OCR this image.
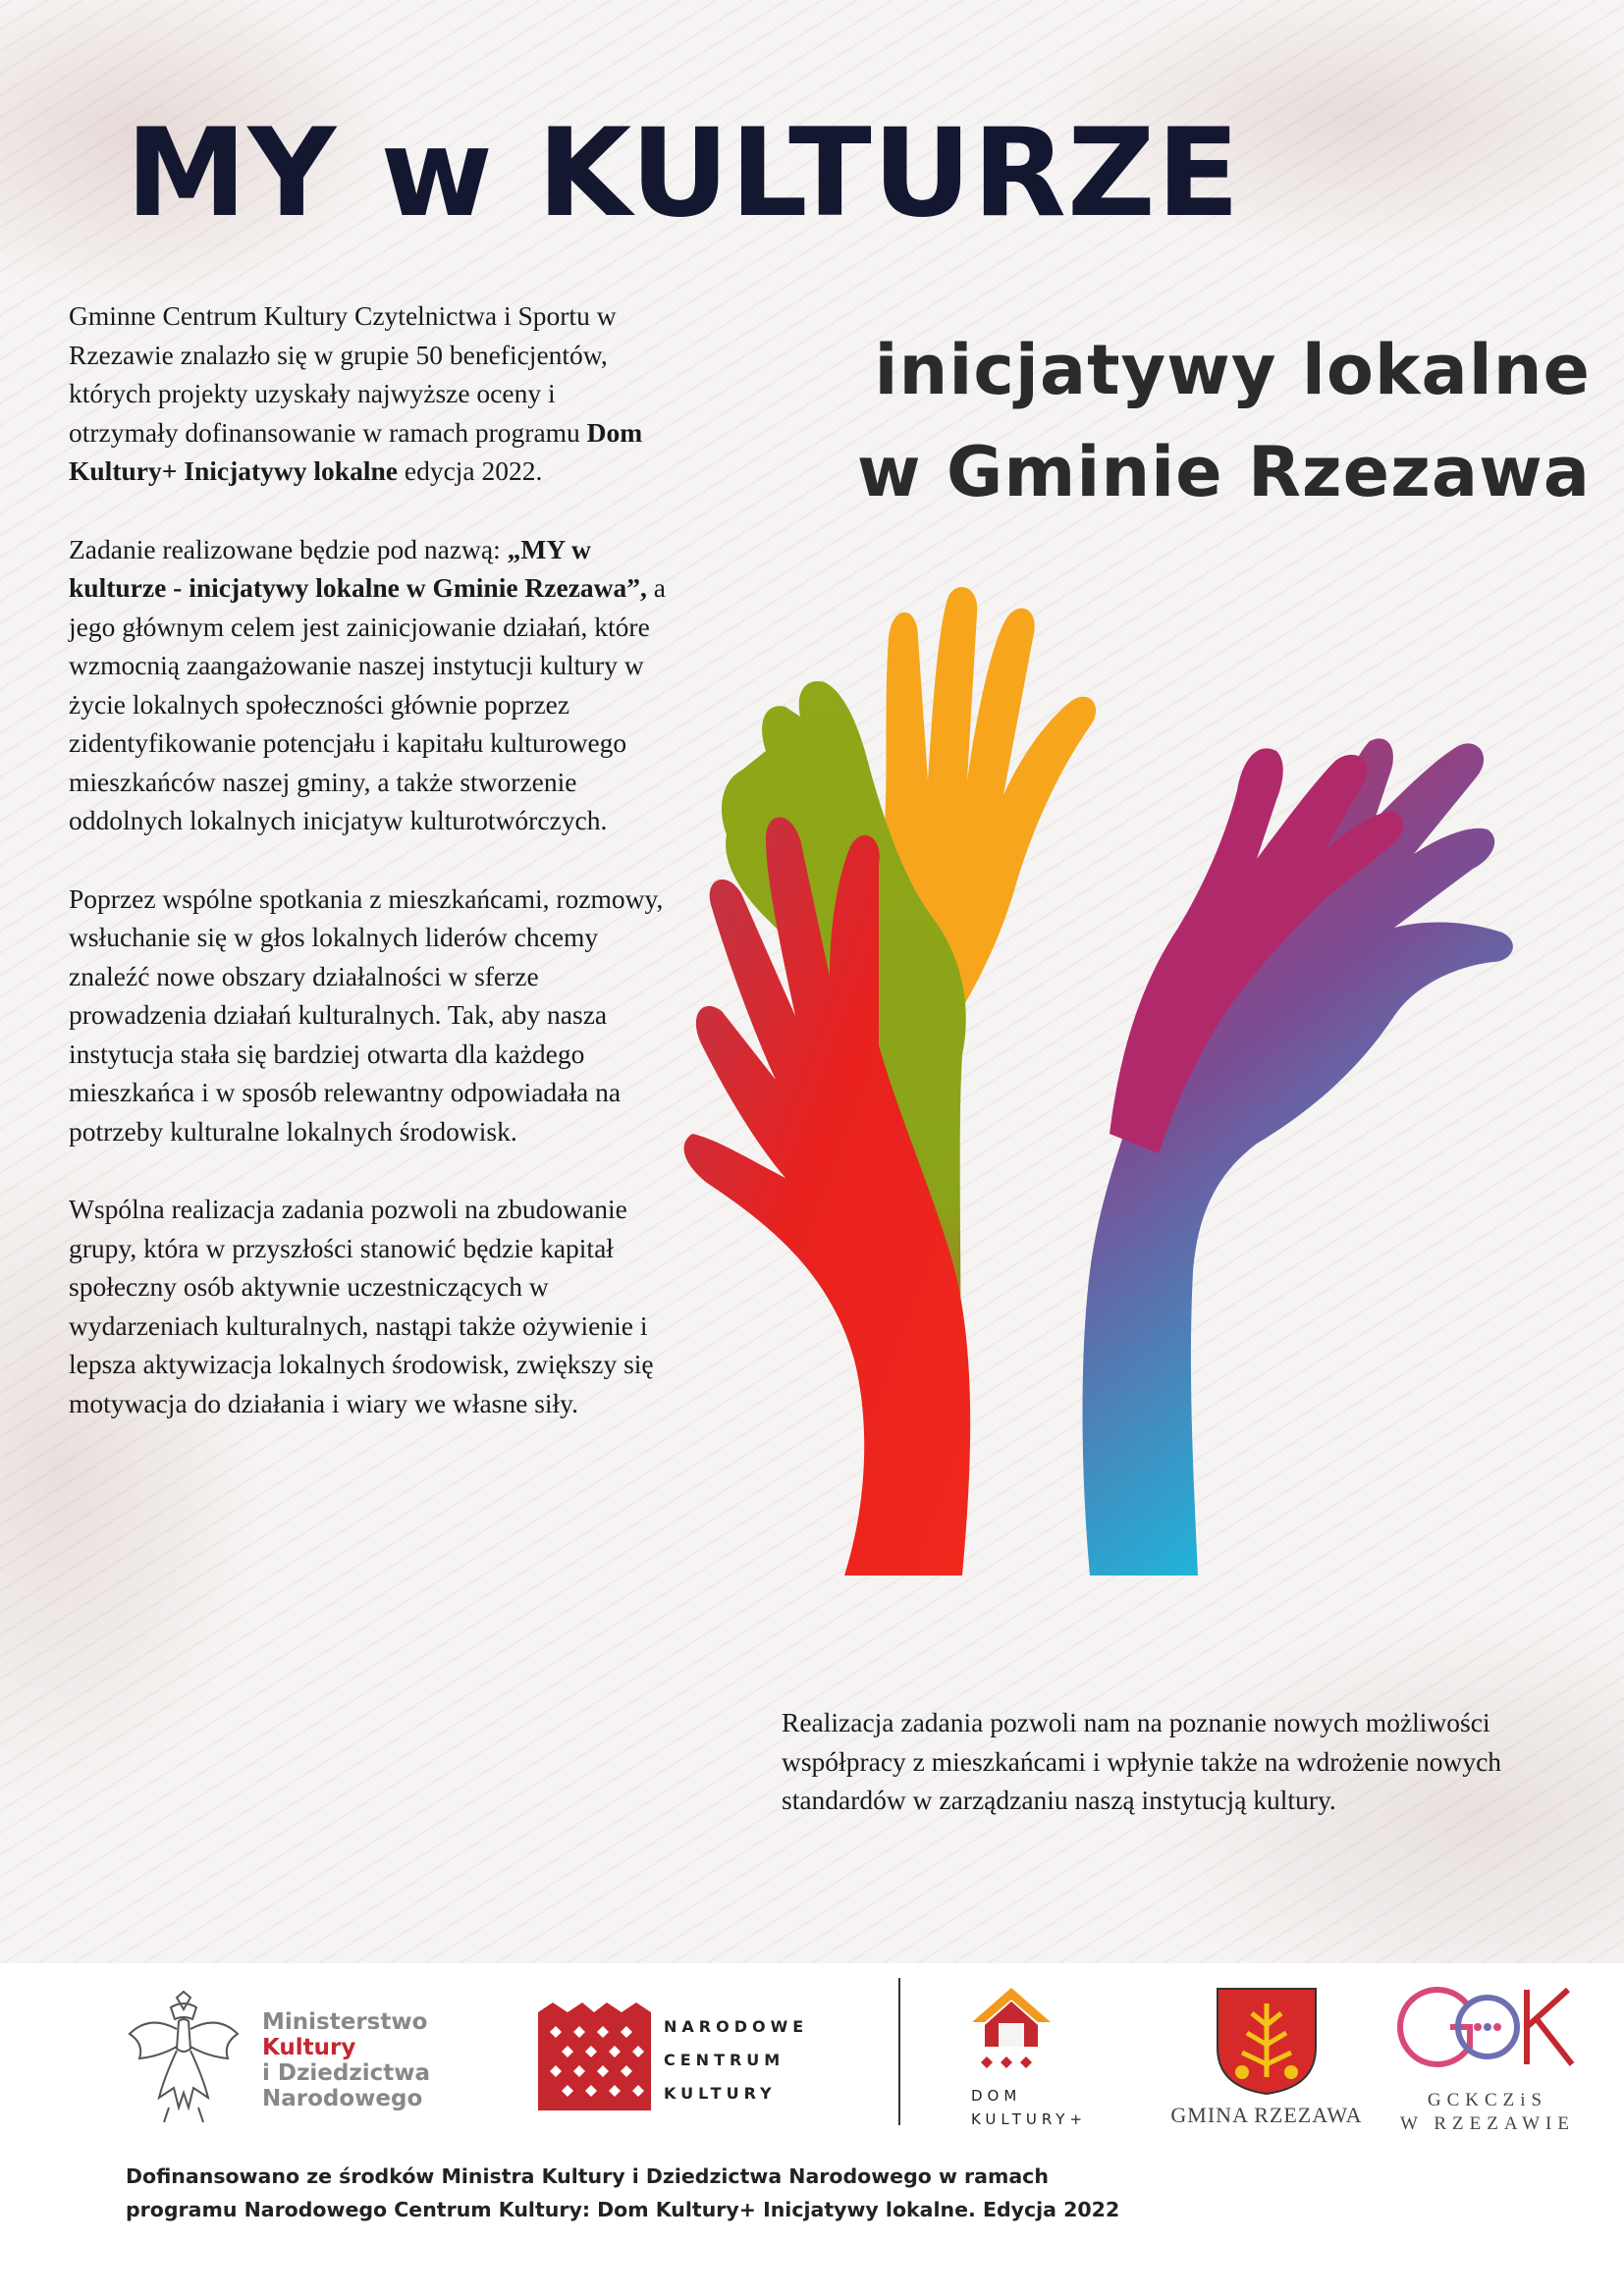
MY w KULTURZE
inicjatywy lokalne
w Gminie Rzezawa

Gminne Centrum Kultury Czytelnictwa i Sportu w Rzezawie znalazło się w grupie 50 beneficjentów, których projekty uzyskały najwyższe oceny i otrzymały dofinansowanie w ramach programu Dom Kultury+ Inicjatywy lokalne edycja 2022.

Zadanie realizowane będzie pod nazwą: „MY w kulturze - inicjatywy lokalne w Gminie Rzezawa”, a jego głównym celem jest zainicjowanie działań, które wzmocnią zaangażowanie naszej instytucji kultury w życie lokalnych społeczności głównie poprzez zidentyfikowanie potencjału i kapitału kulturowego mieszkańców naszej gminy, a także stworzenie oddolnych lokalnych inicjatyw kulturotwórczych.

Poprzez wspólne spotkania z mieszkańcami, rozmowy, wsłuchanie się w głos lokalnych liderów chcemy znaleźć nowe obszary działalności w sferze prowadzenia działań kulturalnych. Tak, aby nasza instytucja stała się bardziej otwarta dla każdego mieszkańca i w sposób relewantny odpowiadała na potrzeby kulturalne lokalnych środowisk.

Wspólna realizacja zadania pozwoli na zbudowanie grupy, która w przyszłości stanowić będzie kapitał społeczny osób aktywnie uczestniczących w wydarzeniach kulturalnych, nastąpi także ożywienie i lepsza aktywizacja lokalnych środowisk, zwiększy się motywacja do działania i wiary we własne siły.

Realizacja zadania pozwoli nam na poznanie nowych możliwości współpracy z mieszkańcami i wpłynie także na wdrożenie nowych standardów w zarządzaniu naszą instytucją kultury.

Ministerstwo
Kultury
i Dziedzictwa
Narodowego
NARODOWE
CENTRUM
KULTURY	DOM
KULTURY+	GMINA RZEZAWA
GCKCZiS
W RZEZAWIE
Dofinansowano ze środków Ministra Kultury i Dziedzictwa Narodowego w ramach
programu Narodowego Centrum Kultury: Dom Kultury+ Inicjatywy lokalne. Edycja 2022
